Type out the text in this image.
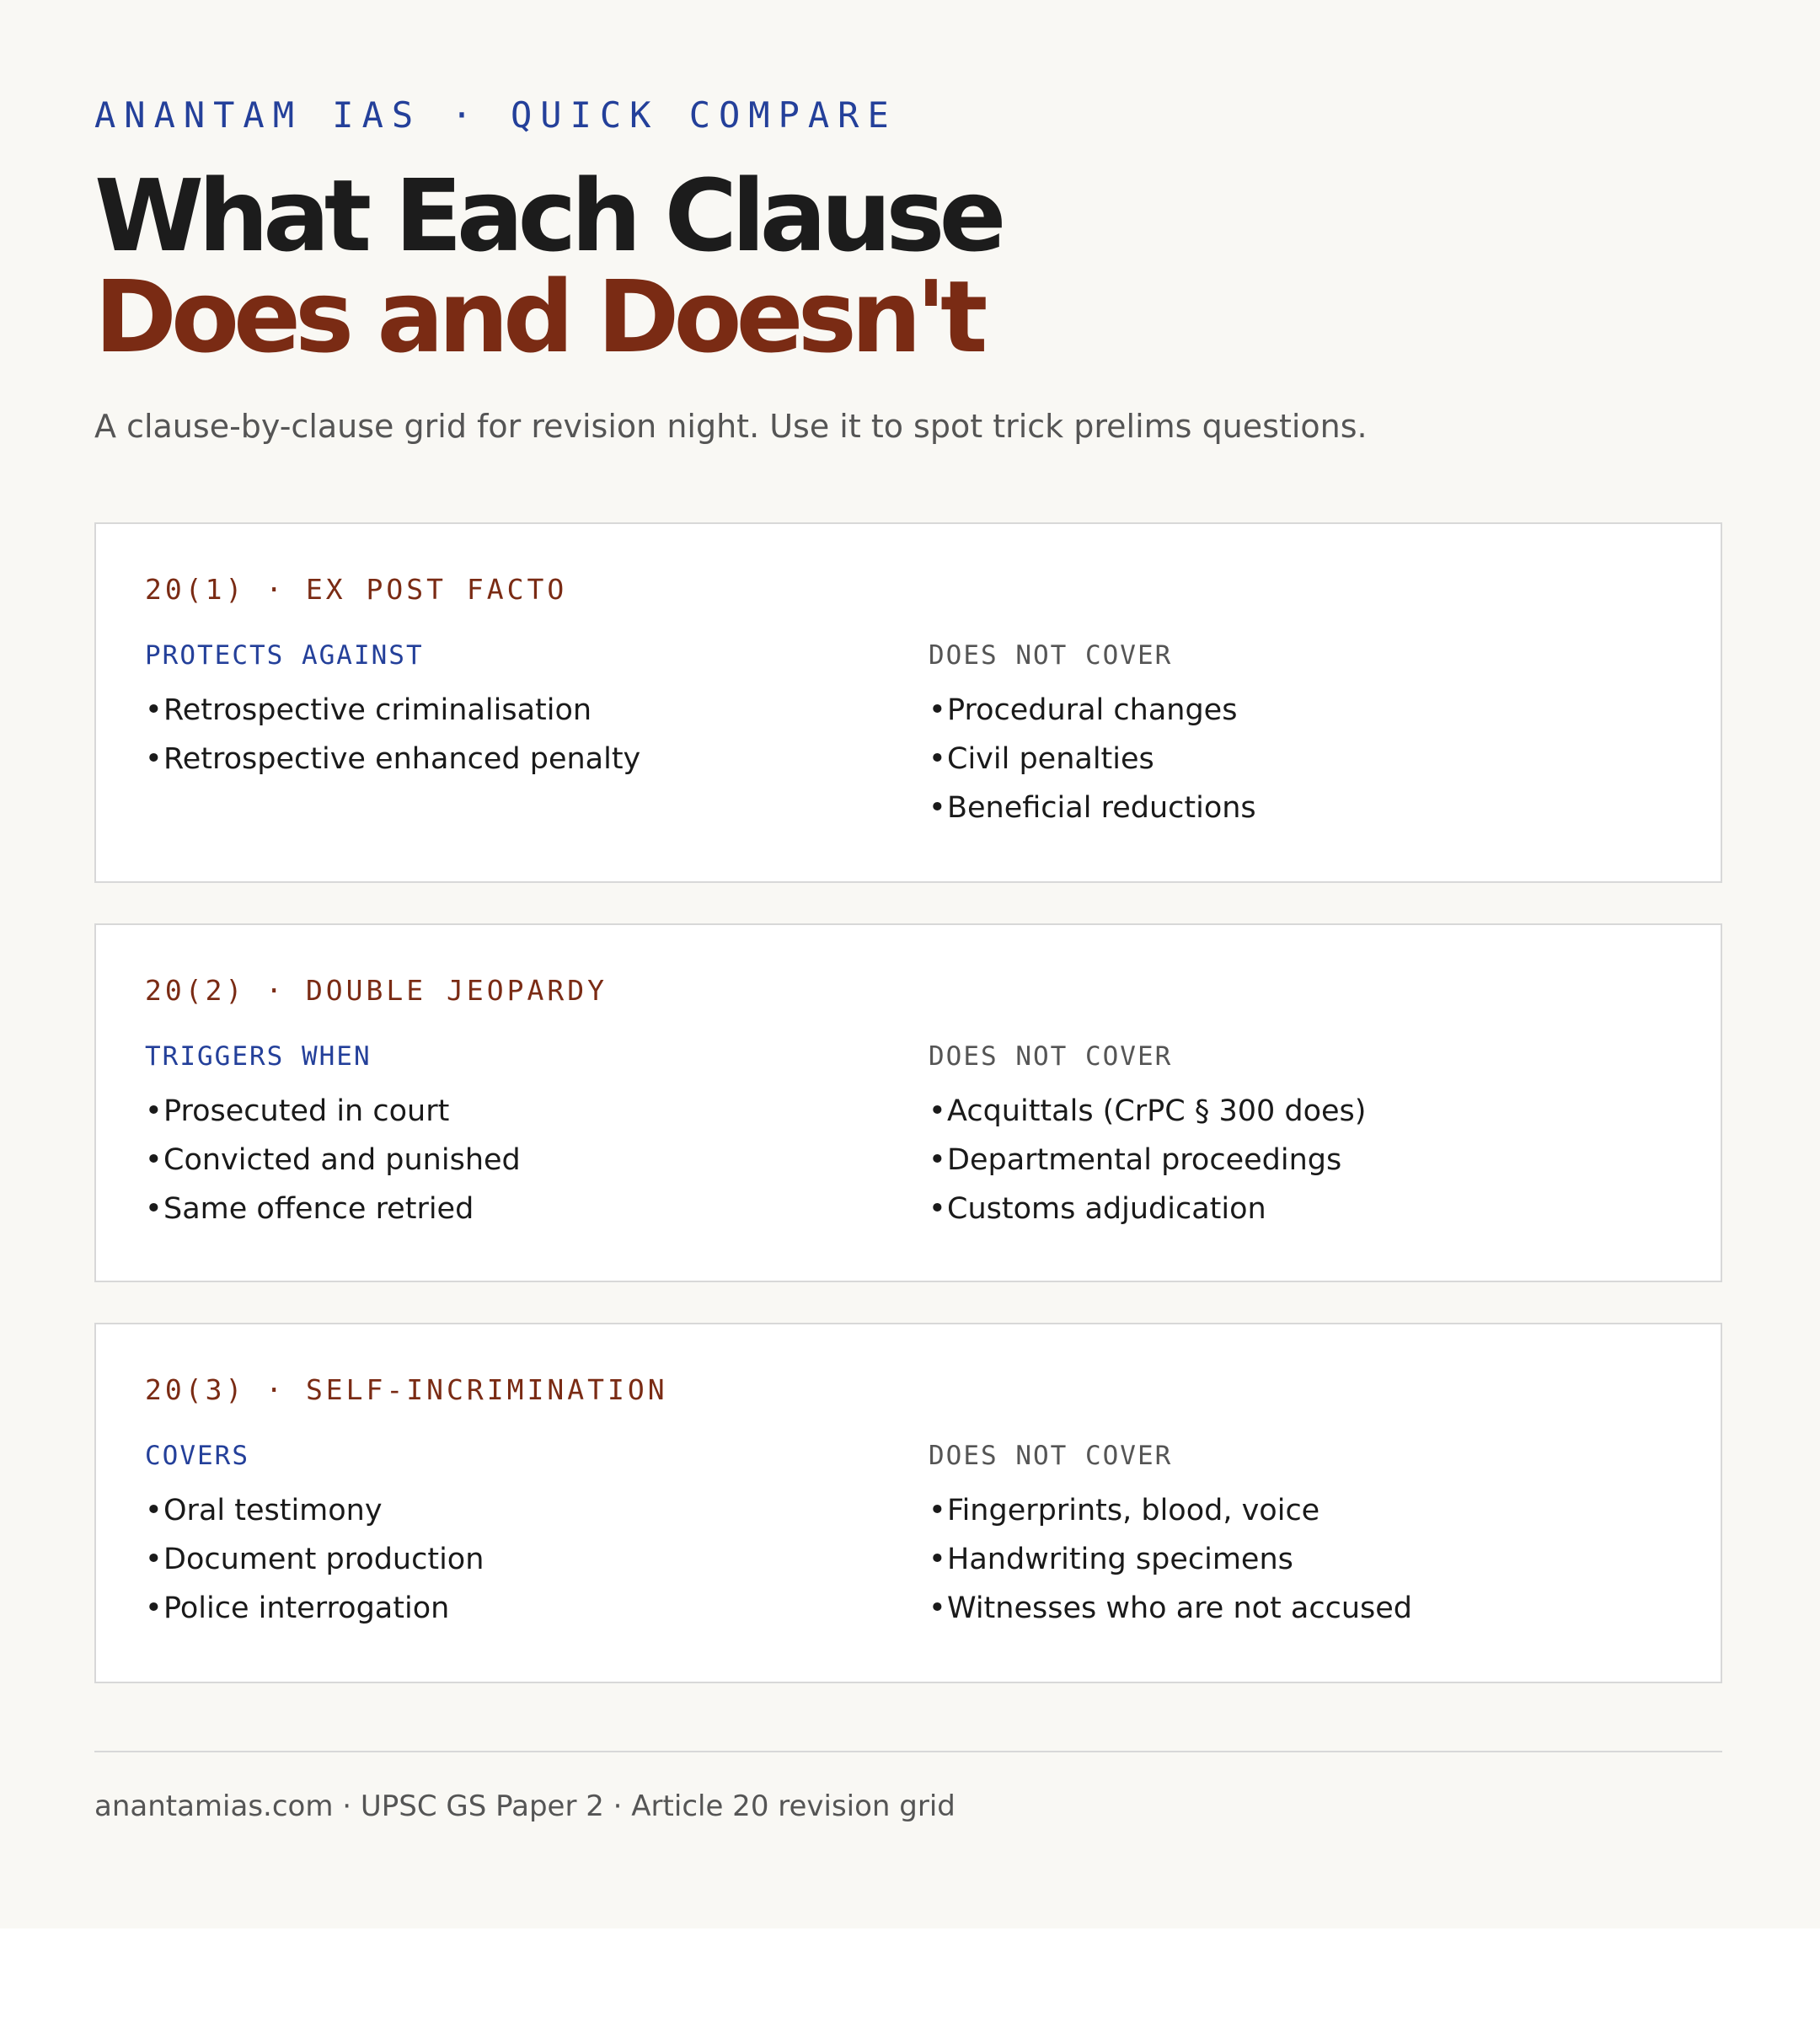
ANANTAM IAS · QUICK COMPARE
What Each Clause
Does and Doesn't
A clause-by-clause grid for revision night. Use it to spot trick prelims questions.
20(1) · EX POST FACTO
PROTECTS AGAINST
•Retrospective criminalisation
•Retrospective enhanced penalty
DOES NOT COVER
•Procedural changes
•Civil penalties
•Beneficial reductions
20(2) · DOUBLE JEOPARDY
TRIGGERS WHEN
•Prosecuted in court
•Convicted and punished
•Same offence retried
DOES NOT COVER
•Acquittals (CrPC § 300 does)
•Departmental proceedings
•Customs adjudication
20(3) · SELF-INCRIMINATION
COVERS
•Oral testimony
•Document production
•Police interrogation
DOES NOT COVER
•Fingerprints, blood, voice
•Handwriting specimens
•Witnesses who are not accused
anantamias.com · UPSC GS Paper 2 · Article 20 revision grid
